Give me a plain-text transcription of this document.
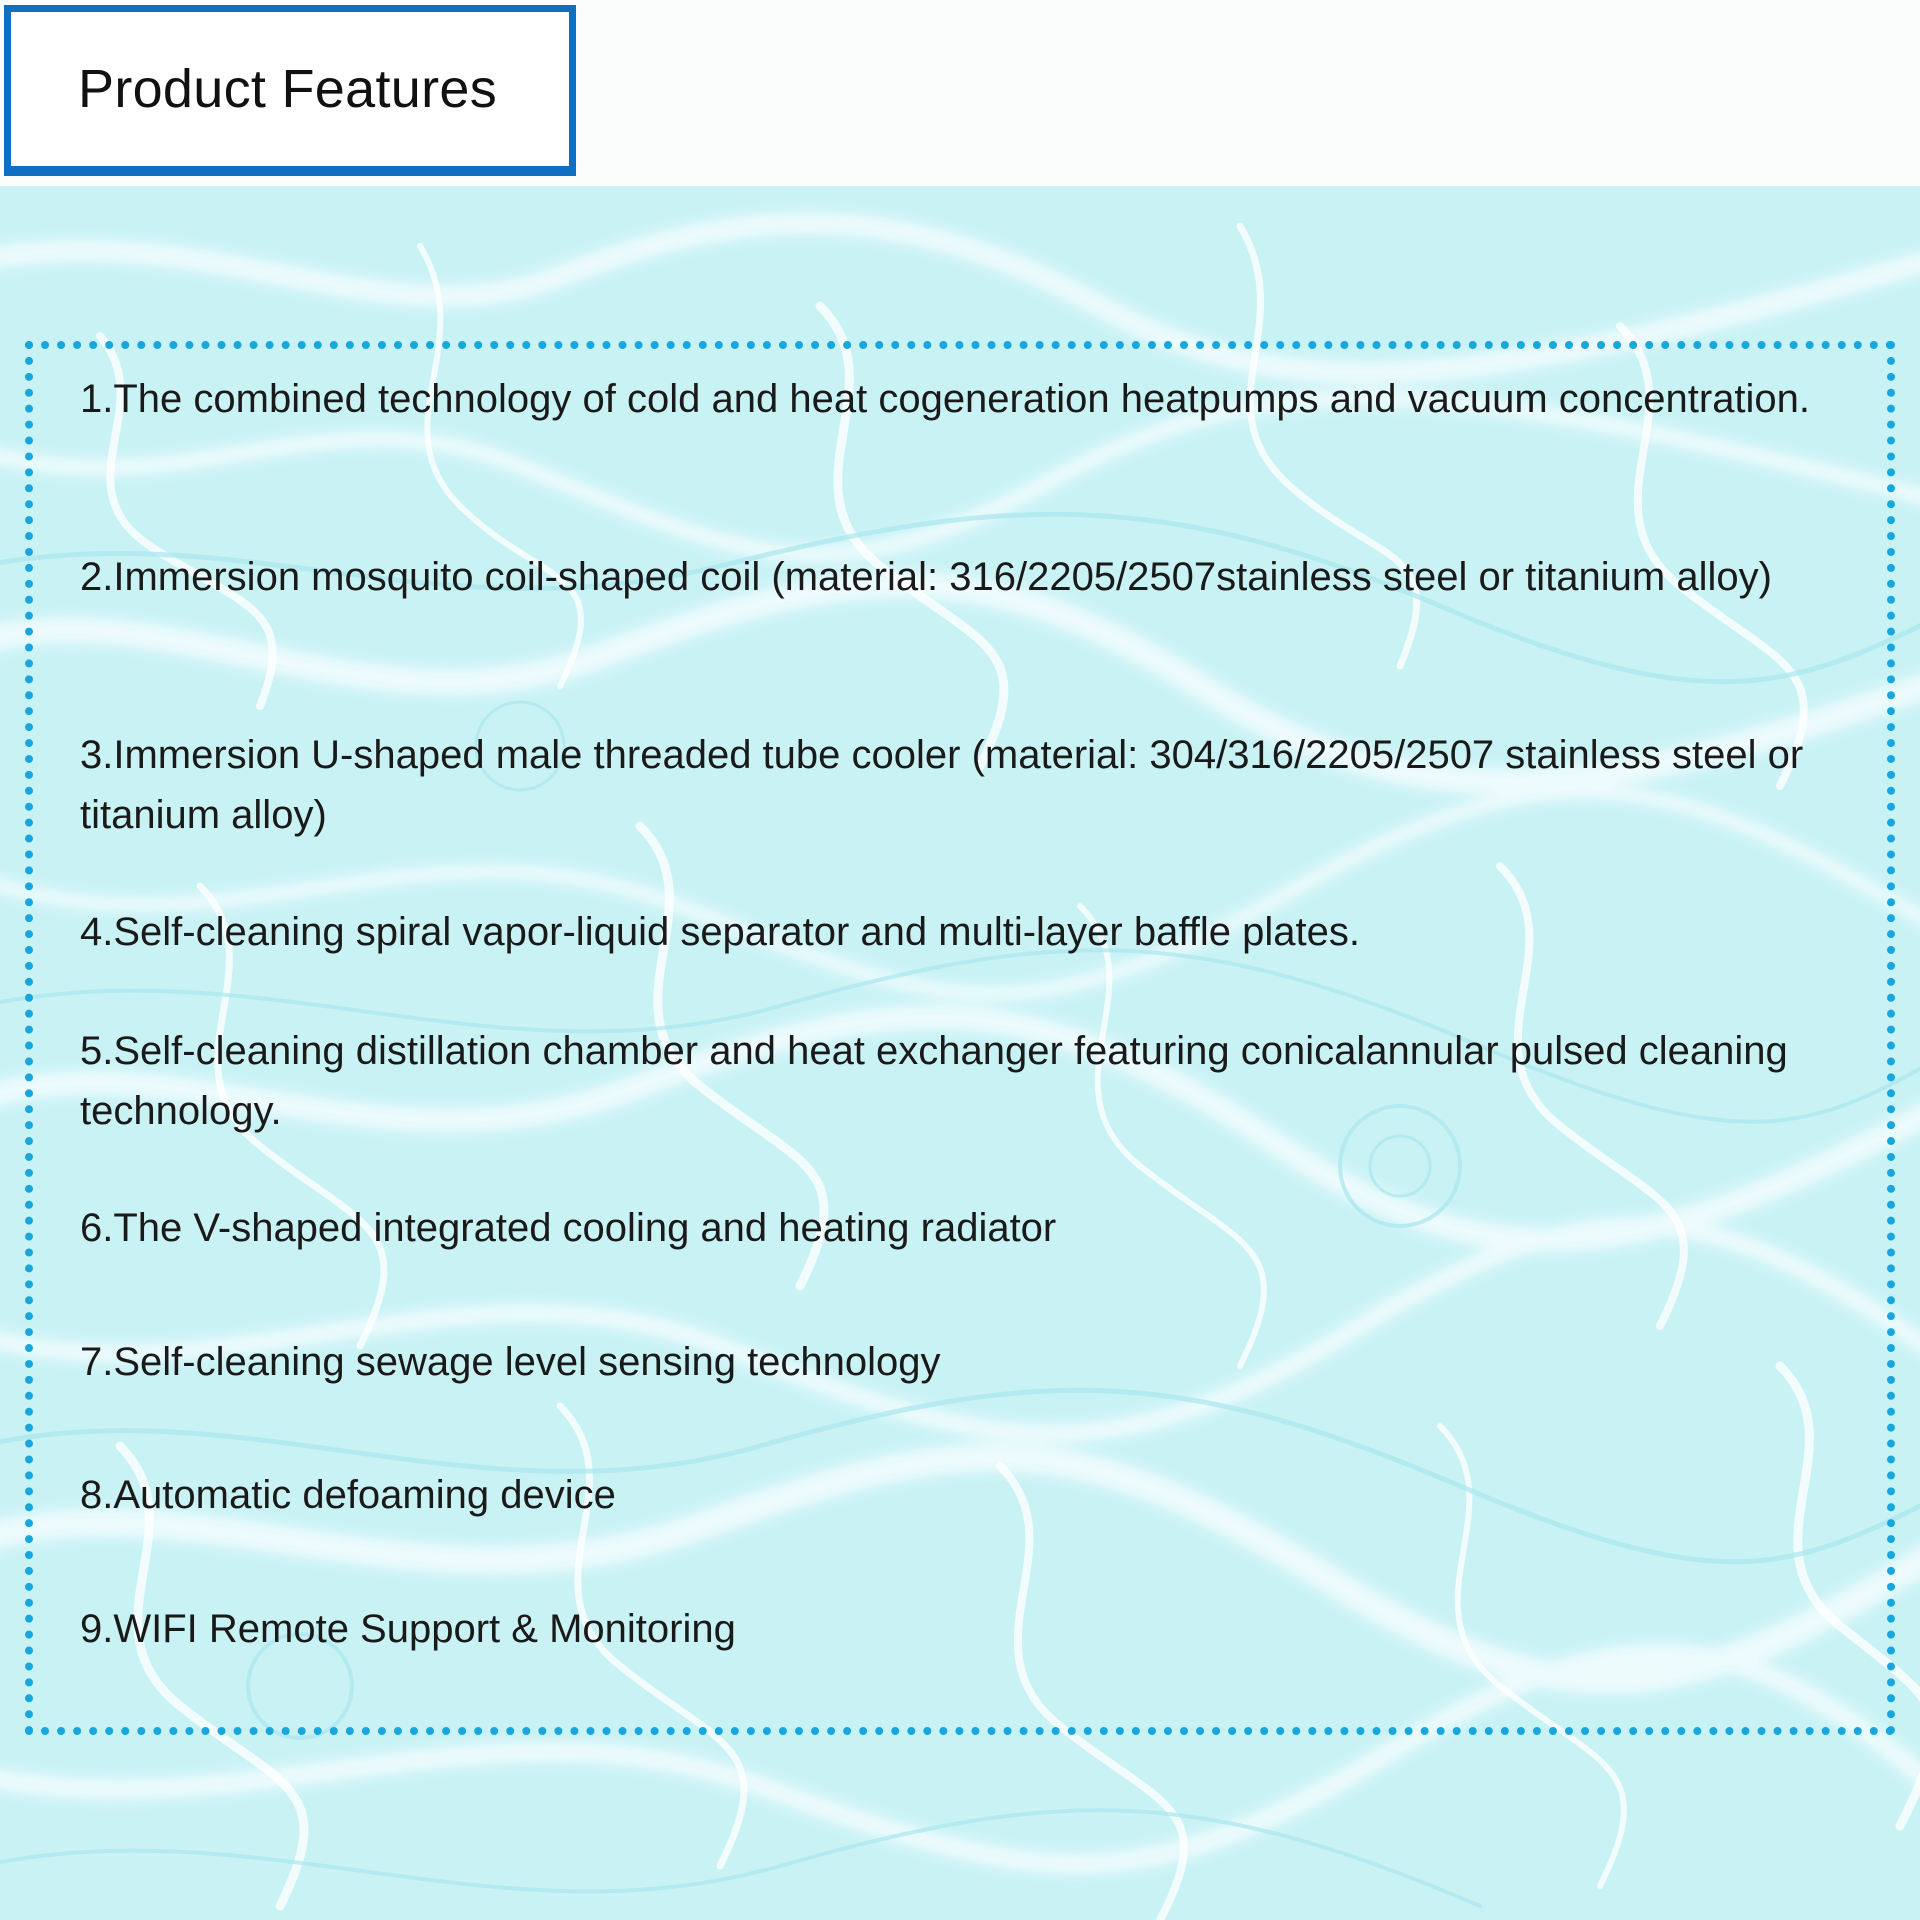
Product Features

1.The combined technology of cold and heat cogeneration heatpumps and vacuum concentration.

2.Immersion mosquito coil-shaped coil (material: 316/2205/2507stainless steel or titanium alloy)

3.Immersion U-shaped male threaded tube cooler (material: 304/316/2205/2507 stainless steel or titanium alloy)

4.Self-cleaning spiral vapor-liquid separator and multi-layer baffle plates.

5.Self-cleaning distillation chamber and heat exchanger featuring conicalannular pulsed cleaning technology.

6.The V-shaped integrated cooling and heating radiator

7.Self-cleaning sewage level sensing technology

8.Automatic defoaming device

9.WIFI Remote Support & Monitoring
